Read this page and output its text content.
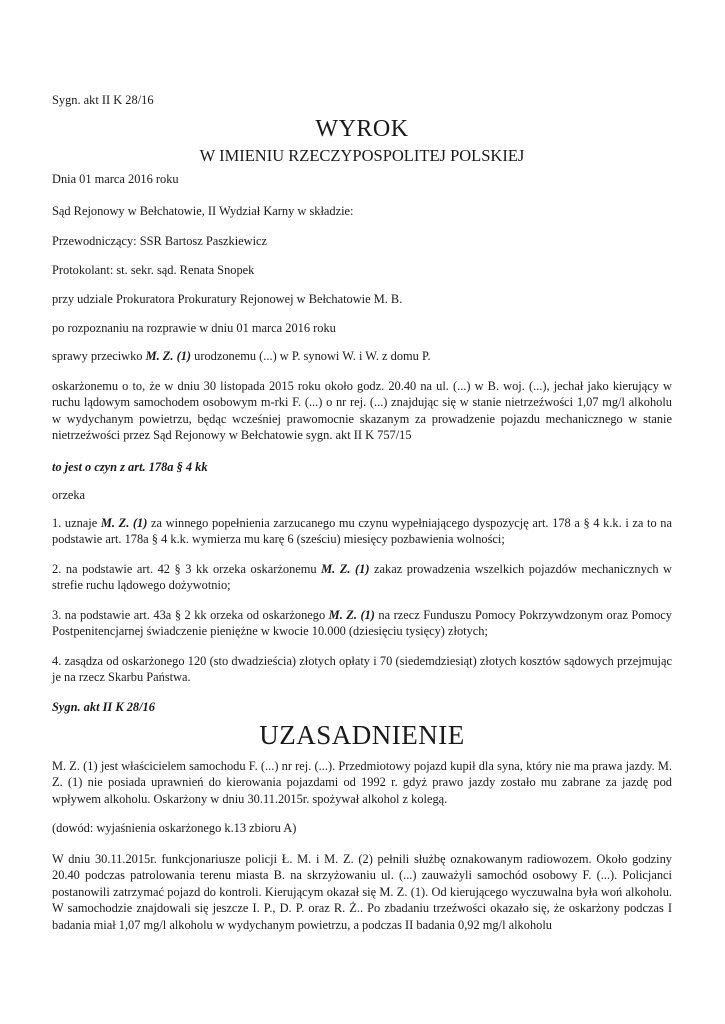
Sygn. akt II K 28/16
WYROK
W IMIENIU RZECZYPOSPOLITEJ POLSKIEJ
Dnia 01 marca 2016 roku
Sąd Rejonowy w Bełchatowie, II Wydział Karny w składzie:
Przewodniczący: SSR Bartosz Paszkiewicz
Protokolant: st. sekr. sąd. Renata Snopek
przy udziale Prokuratora Prokuratury Rejonowej w Bełchatowie M. B.
po rozpoznaniu na rozprawie w dniu 01 marca 2016 roku
sprawy przeciwko M. Z. (1) urodzonemu (...) w P. synowi W. i W. z domu P.
oskarżonemu o to, że w dniu 30 listopada 2015 roku około godz. 20.40 na ul. (...) w B. woj. (...), jechał jako kierujący w ruchu lądowym samochodem osobowym m-rki F. (...) o nr rej. (...) znajdując się w stanie nietrzeźwości 1,07 mg/l alkoholu w wydychanym powietrzu, będąc wcześniej prawomocnie skazanym za prowadzenie pojazdu mechanicznego w stanie nietrzeźwości przez Sąd Rejonowy w Bełchatowie sygn. akt II K 757/15
to jest o czyn z art. 178a § 4 kk
orzeka
1. uznaje M. Z. (1) za winnego popełnienia zarzucanego mu czynu wypełniającego dyspozycję art. 178 a § 4 k.k. i za to na podstawie art. 178a § 4 k.k. wymierza mu karę 6 (sześciu) miesięcy pozbawienia wolności;
2. na podstawie art. 42 § 3 kk orzeka oskarżonemu M. Z. (1) zakaz prowadzenia wszelkich pojazdów mechanicznych w strefie ruchu lądowego dożywotnio;
3. na podstawie art. 43a § 2 kk orzeka od oskarżonego M. Z. (1) na rzecz Funduszu Pomocy Pokrzywdzonym oraz Pomocy Postpenitencjarnej świadczenie pieniężne w kwocie 10.000 (dziesięciu tysięcy) złotych;
4. zasądza od oskarżonego 120 (sto dwadzieścia) złotych opłaty i 70 (siedemdziesiąt) złotych kosztów sądowych przejmując je na rzecz Skarbu Państwa.
Sygn. akt II K 28/16
UZASADNIENIE
M. Z. (1) jest właścicielem samochodu F. (...) nr rej. (...). Przedmiotowy pojazd kupił dla syna, który nie ma prawa jazdy. M. Z. (1) nie posiada uprawnień do kierowania pojazdami od 1992 r. gdyż prawo jazdy zostało mu zabrane za jazdę pod wpływem alkoholu. Oskarżony w dniu 30.11.2015r. spożywał alkohol z kolegą.
(dowód: wyjaśnienia oskarżonego k.13 zbioru A)
W dniu 30.11.2015r. funkcjonariusze policji Ł. M. i M. Z. (2) pełnili służbę oznakowanym radiowozem. Około godziny 20.40 podczas patrolowania terenu miasta B. na skrzyżowaniu ul. (...) zauważyli samochód osobowy F. (...). Policjanci postanowili zatrzymać pojazd do kontroli. Kierującym okazał się M. Z. (1). Od kierującego wyczuwalna była woń alkoholu. W samochodzie znajdowali się jeszcze I. P., D. P. oraz R. Ż.. Po zbadaniu trzeźwości okazało się, że oskarżony podczas I badania miał 1,07 mg/l alkoholu w wydychanym powietrzu, a podczas II badania 0,92 mg/l alkoholu
